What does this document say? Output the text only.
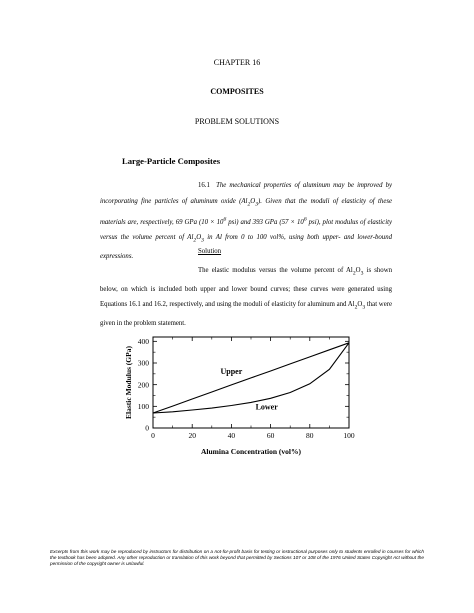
CHAPTER 16
COMPOSITES
PROBLEM SOLUTIONS
Large-Particle Composites
16.1 The mechanical properties of aluminum may be improved by incorporating fine particles of aluminum oxide $(Al_2O_3)$. Given that the moduli of elasticity of these materials are, respectively, 69 GPa ($10 \times 10^6$ psi) and 393 GPa ($57 \times 10^6$ psi), plot modulus of elasticity versus the volume percent of $Al_2O_3$ in Al from 0 to 100 vol%, using both upper- and lower-bound expressions.
Solution
The elastic modulus versus the volume percent of $Al_2O_3$ is shown below, on which is included both upper and lower bound curves; these curves were generated using Equations 16.1 and 16.2, respectively, and using the moduli of elasticity for aluminum and $Al_2O_3$ that were given in the problem statement.
0	20	40	60	80	100
0
100
200
300
400
Upper
Lower
Alumina Concentration (vol%)
Elastic Modulus (GPa)
Excerpts from this work may be reproduced by instructors for distribution on a not-for-profit basis for testing or instructional purposes only to students enrolled in courses for which the textbook has been adopted. Any other reproduction or translation of this work beyond that permitted by Sections 107 or 108 of the 1976 United States Copyright Act without the permission of the copyright owner is unlawful.
